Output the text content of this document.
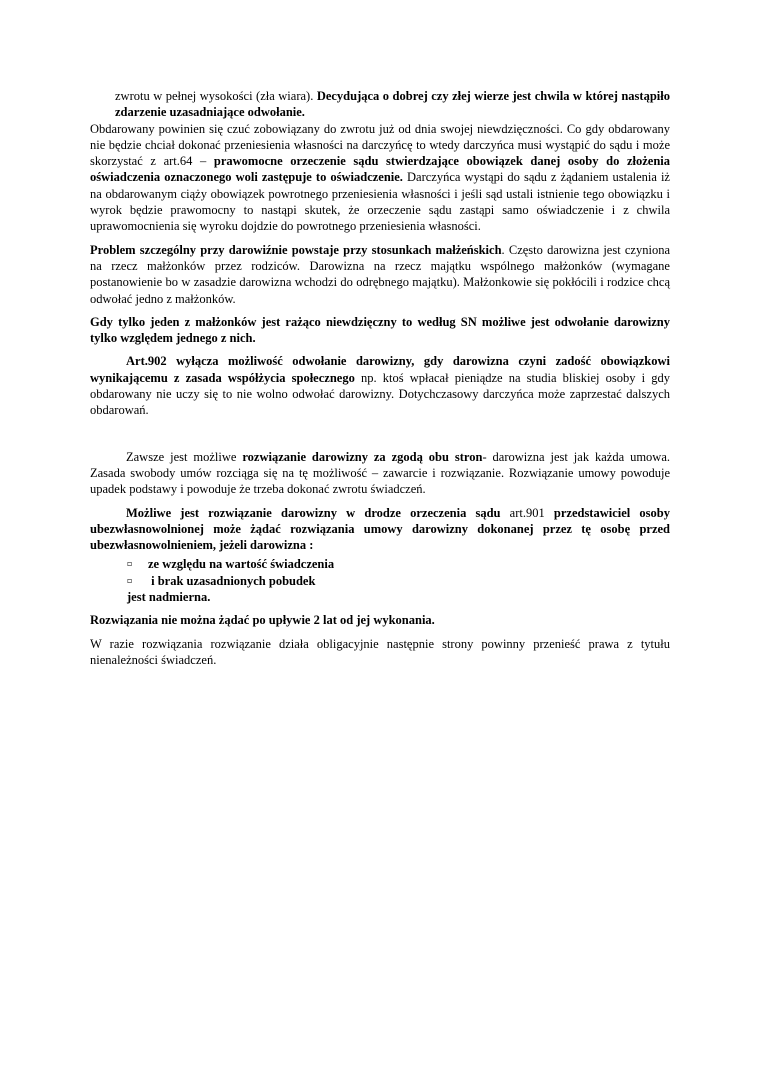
zwrotu w pełnej wysokości (zła wiara). Decydująca o dobrej czy złej wierze jest chwila w której nastąpiło zdarzenie uzasadniające odwołanie.

Obdarowany powinien się czuć zobowiązany do zwrotu już od dnia swojej niewdzięczności. Co gdy obdarowany nie będzie chciał dokonać przeniesienia własności na darczyńcę to wtedy darczyńca musi wystąpić do sądu i może skorzystać z art.64 – prawomocne orzeczenie sądu stwierdzające obowiązek danej osoby do złożenia oświadczenia oznaczonego woli zastępuje to oświadczenie. Darczyńca wystąpi do sądu z żądaniem ustalenia iż na obdarowanym ciąży obowiązek powrotnego przeniesienia własności i jeśli sąd ustali istnienie tego obowiązku i wyrok będzie prawomocny to nastąpi skutek, że orzeczenie sądu zastąpi samo oświadczenie i z chwila uprawomocnienia się wyroku dojdzie do powrotnego przeniesienia własności.

Problem szczególny przy darowiźnie powstaje przy stosunkach małżeńskich. Często darowizna jest czyniona na rzecz małżonków przez rodziców. Darowizna na rzecz majątku wspólnego małżonków (wymagane postanowienie bo w zasadzie darowizna wchodzi do odrębnego majątku). Małżonkowie się pokłócili i rodzice chcą odwołać jedno z małżonków.

Gdy tylko jeden z małżonków jest rażąco niewdzięczny to według SN możliwe jest odwołanie darowizny tylko względem jednego z nich.

Art.902 wyłącza możliwość odwołanie darowizny, gdy darowizna czyni zadość obowiązkowi wynikającemu z zasada współżycia społecznego np. ktoś wpłacał pieniądze na studia bliskiej osoby i gdy obdarowany nie uczy się to nie wolno odwołać darowizny. Dotychczasowy darczyńca może zaprzestać dalszych obdarowań.

Zawsze jest możliwe rozwiązanie darowizny za zgodą obu stron- darowizna jest jak każda umowa. Zasada swobody umów rozciąga się na tę możliwość – zawarcie i rozwiązanie. Rozwiązanie umowy powoduje upadek podstawy i powoduje że trzeba dokonać zwrotu świadczeń.

Możliwe jest rozwiązanie darowizny w drodze orzeczenia sądu art.901 przedstawiciel osoby ubezwłasnowolnionej może żądać rozwiązania umowy darowizny dokonanej przez tę osobę przed ubezwłasnowolnieniem, jeżeli darowizna :

▫ ze względu na wartość świadczenia
▫ i brak uzasadnionych pobudek

jest nadmierna.

Rozwiązania nie można żądać po upływie 2 lat od jej wykonania.

W razie rozwiązania rozwiązanie działa obligacyjnie następnie strony powinny przenieść prawa z tytułu nienależności świadczeń.
